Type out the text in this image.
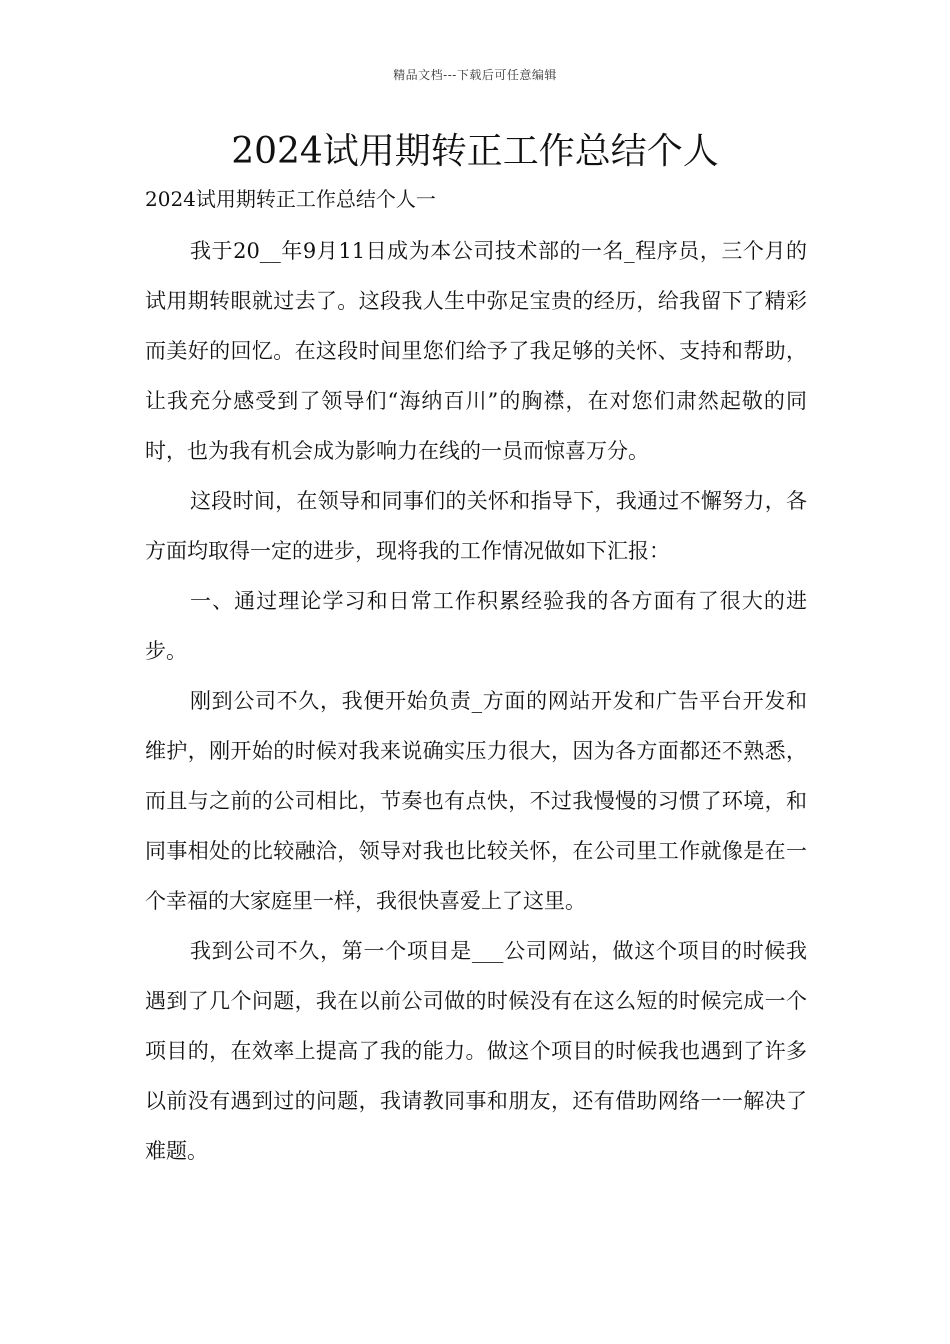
精品文档---下载后可任意编辑
2024试用期转正工作总结个人
2024试用期转正工作总结个人一

我于20__年9月11日成为本公司技术部的一名_程序员，三个月的试用期转眼就过去了。这段我人生中弥足宝贵的经历，给我留下了精彩而美好的回忆。在这段时间里您们给予了我足够的关怀、支持和帮助，让我充分感受到了领导们“海纳百川”的胸襟，在对您们肃然起敬的同时，也为我有机会成为影响力在线的一员而惊喜万分。

这段时间，在领导和同事们的关怀和指导下，我通过不懈努力，各方面均取得一定的进步，现将我的工作情况做如下汇报：

一、通过理论学习和日常工作积累经验我的各方面有了很大的进步。

刚到公司不久，我便开始负责_方面的网站开发和广告平台开发和维护，刚开始的时候对我来说确实压力很大，因为各方面都还不熟悉，而且与之前的公司相比，节奏也有点快，不过我慢慢的习惯了环境，和同事相处的比较融洽，领导对我也比较关怀，在公司里工作就像是在一个幸福的大家庭里一样，我很快喜爱上了这里。

我到公司不久，第一个项目是___公司网站，做这个项目的时候我遇到了几个问题，我在以前公司做的时候没有在这么短的时候完成一个项目的，在效率上提高了我的能力。做这个项目的时候我也遇到了许多以前没有遇到过的问题，我请教同事和朋友，还有借助网络一一解决了难题。
